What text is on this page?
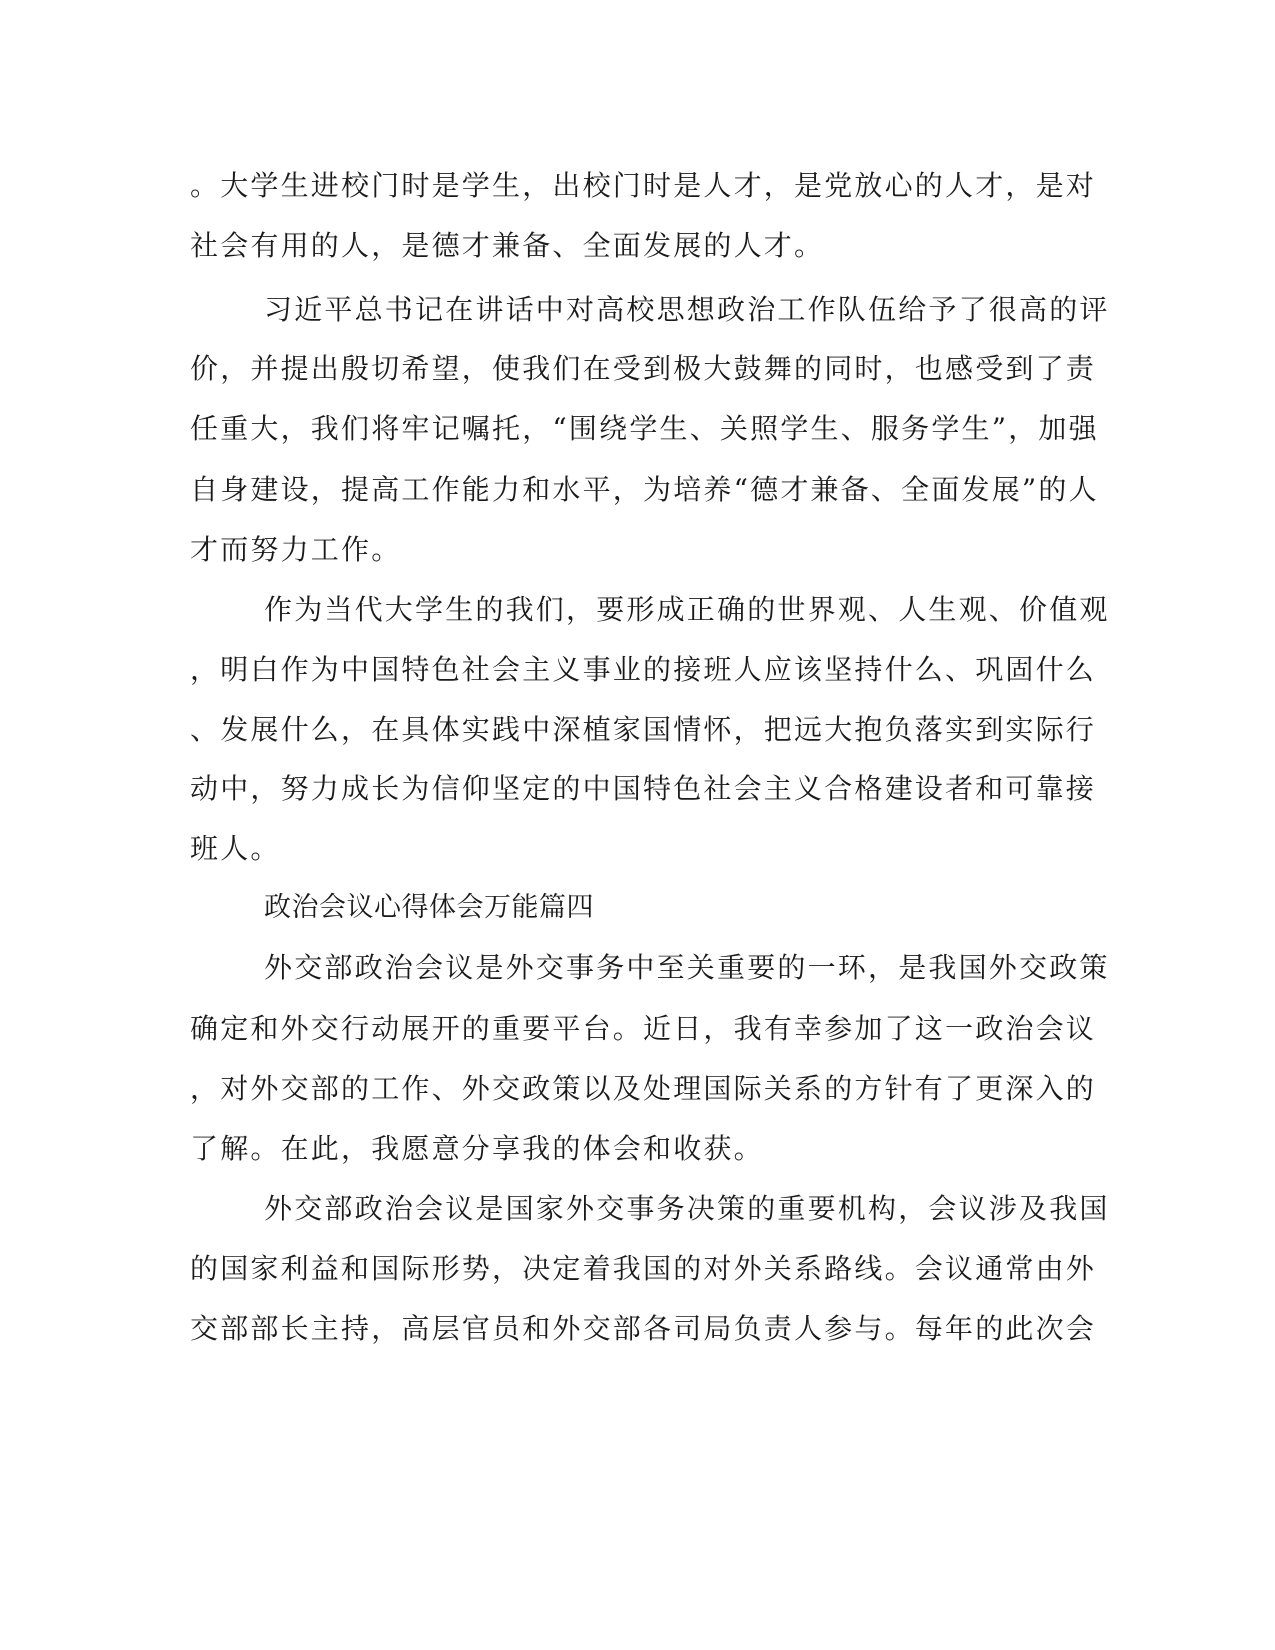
。大学生进校门时是学生，出校门时是人才，是党放心的人才，是对
社会有用的人，是德才兼备、全面发展的人才。
习近平总书记在讲话中对高校思想政治工作队伍给予了很高的评
价，并提出殷切希望，使我们在受到极大鼓舞的同时，也感受到了责
任重大，我们将牢记嘱托，“围绕学生、关照学生、服务学生”，加强
自身建设，提高工作能力和水平，为培养“德才兼备、全面发展”的人
才而努力工作。
作为当代大学生的我们，要形成正确的世界观、人生观、价值观
，明白作为中国特色社会主义事业的接班人应该坚持什么、巩固什么
、发展什么，在具体实践中深植家国情怀，把远大抱负落实到实际行
动中，努力成长为信仰坚定的中国特色社会主义合格建设者和可靠接
班人。
政治会议心得体会万能篇四
外交部政治会议是外交事务中至关重要的一环，是我国外交政策
确定和外交行动展开的重要平台。近日，我有幸参加了这一政治会议
，对外交部的工作、外交政策以及处理国际关系的方针有了更深入的
了解。在此，我愿意分享我的体会和收获。
外交部政治会议是国家外交事务决策的重要机构，会议涉及我国
的国家利益和国际形势，决定着我国的对外关系路线。会议通常由外
交部部长主持，高层官员和外交部各司局负责人参与。每年的此次会
